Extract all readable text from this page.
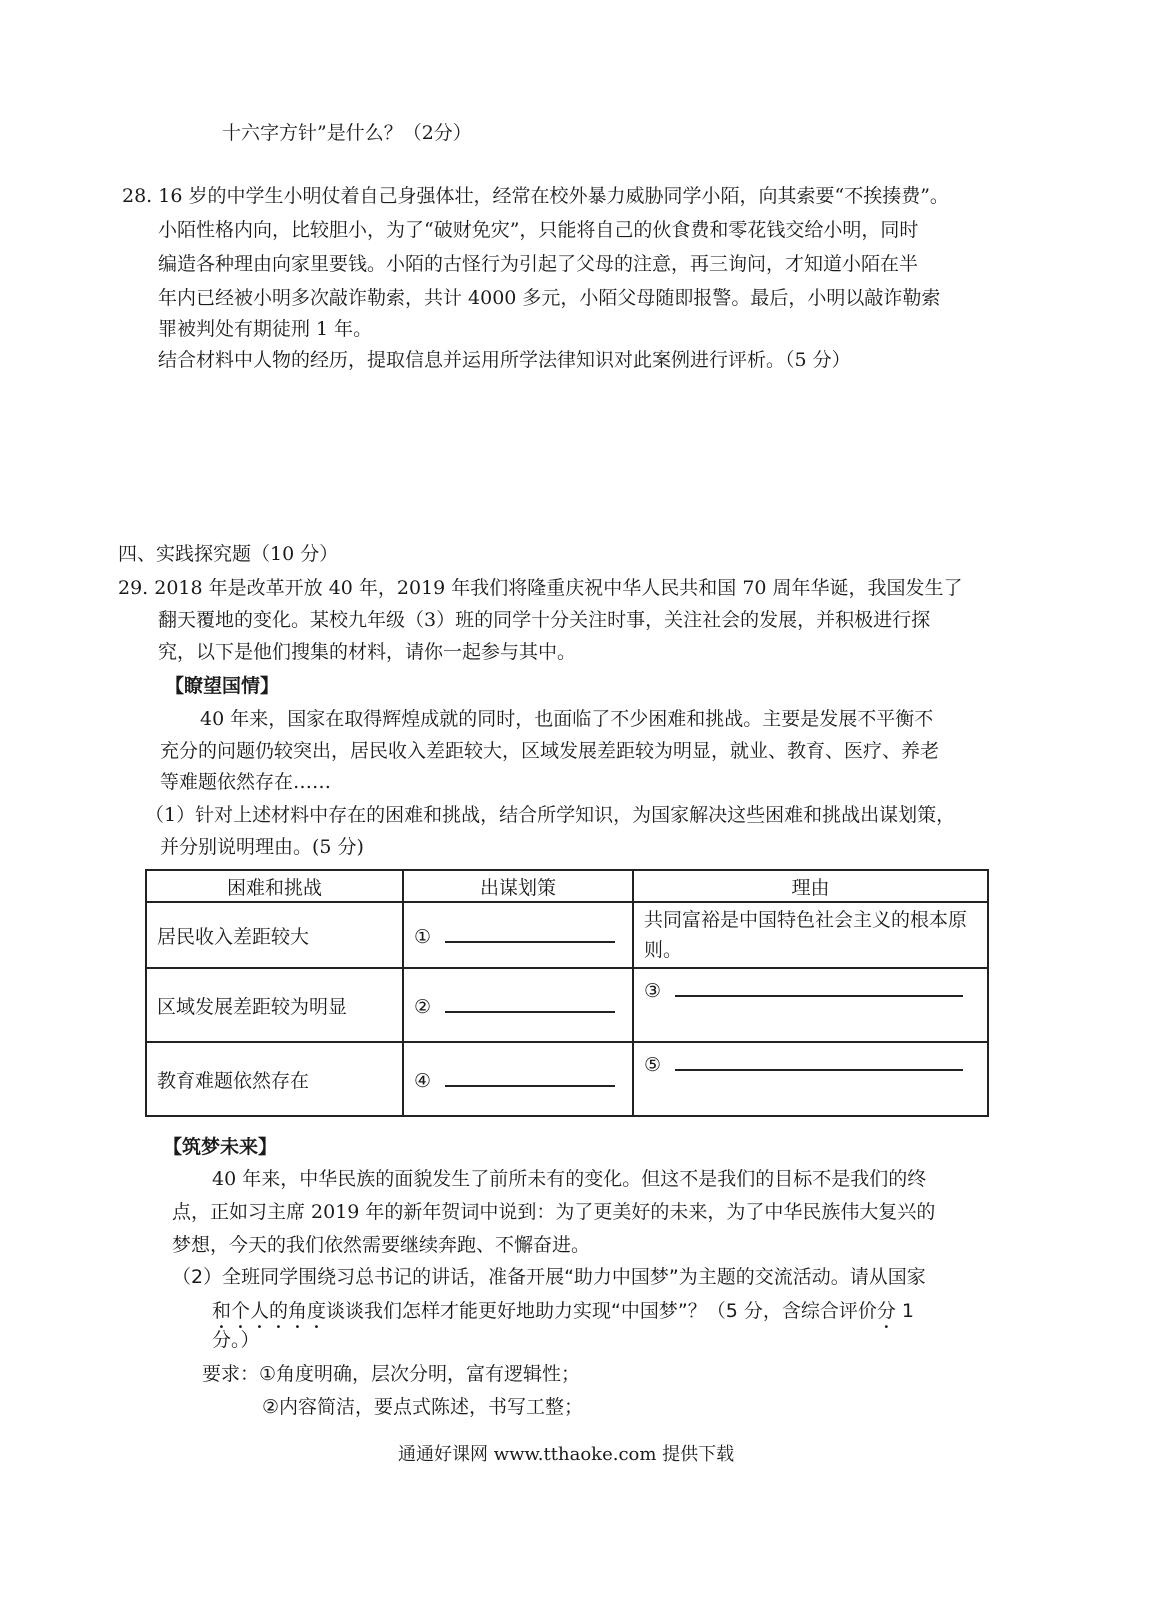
十六字方针”是什么？（2分）
28. 16 岁的中学生小明仗着自己身强体壮，经常在校外暴力威胁同学小陌，向其索要“不挨揍费”。
小陌性格内向，比较胆小，为了“破财免灾”，只能将自己的伙食费和零花钱交给小明，同时
编造各种理由向家里要钱。小陌的古怪行为引起了父母的注意，再三询问，才知道小陌在半
年内已经被小明多次敲诈勒索，共计 4000 多元，小陌父母随即报警。最后，小明以敲诈勒索
罪被判处有期徒刑 1 年。
结合材料中人物的经历，提取信息并运用所学法律知识对此案例进行评析。（5 分）
四、实践探究题（10 分）
29. 2018 年是改革开放 40 年，2019 年我们将隆重庆祝中华人民共和国 70 周年华诞，我国发生了
翻天覆地的变化。某校九年级（3）班的同学十分关注时事，关注社会的发展，并积极进行探
究，以下是他们搜集的材料，请你一起参与其中。
【瞭望国情】
40 年来，国家在取得辉煌成就的同时，也面临了不少困难和挑战。主要是发展不平衡不
充分的问题仍较突出，居民收入差距较大，区域发展差距较为明显，就业、教育、医疗、养老
等难题依然存在……
（1）针对上述材料中存在的困难和挑战，结合所学知识，为国家解决这些困难和挑战出谋划策，
并分别说明理由。(5 分)
困难和挑战	出谋划策	理由
居民收入差距较大	①	共同富裕是中国特色社会主义的根本原则。

区域发展差距较为明显	②	③
教育难题依然存在	④	⑤
【筑梦未来】
40 年来，中华民族的面貌发生了前所未有的变化。但这不是我们的目标不是我们的终
点，正如习主席 2019 年的新年贺词中说到：为了更美好的未来，为了中华民族伟大复兴的
梦想，今天的我们依然需要继续奔跑、不懈奋进。
（2）全班同学围绕习总书记的讲话，准备开展“助力中国梦”为主题的交流活动。请从国家
和个人的角度谈谈我们怎样才能更好地助力实现“中国梦”？（5 分，含综合评价分 1
分。）
要求：①角度明确，层次分明，富有逻辑性；
②内容简洁，要点式陈述，书写工整；
通通好课网 www.tthaoke.com 提供下载
